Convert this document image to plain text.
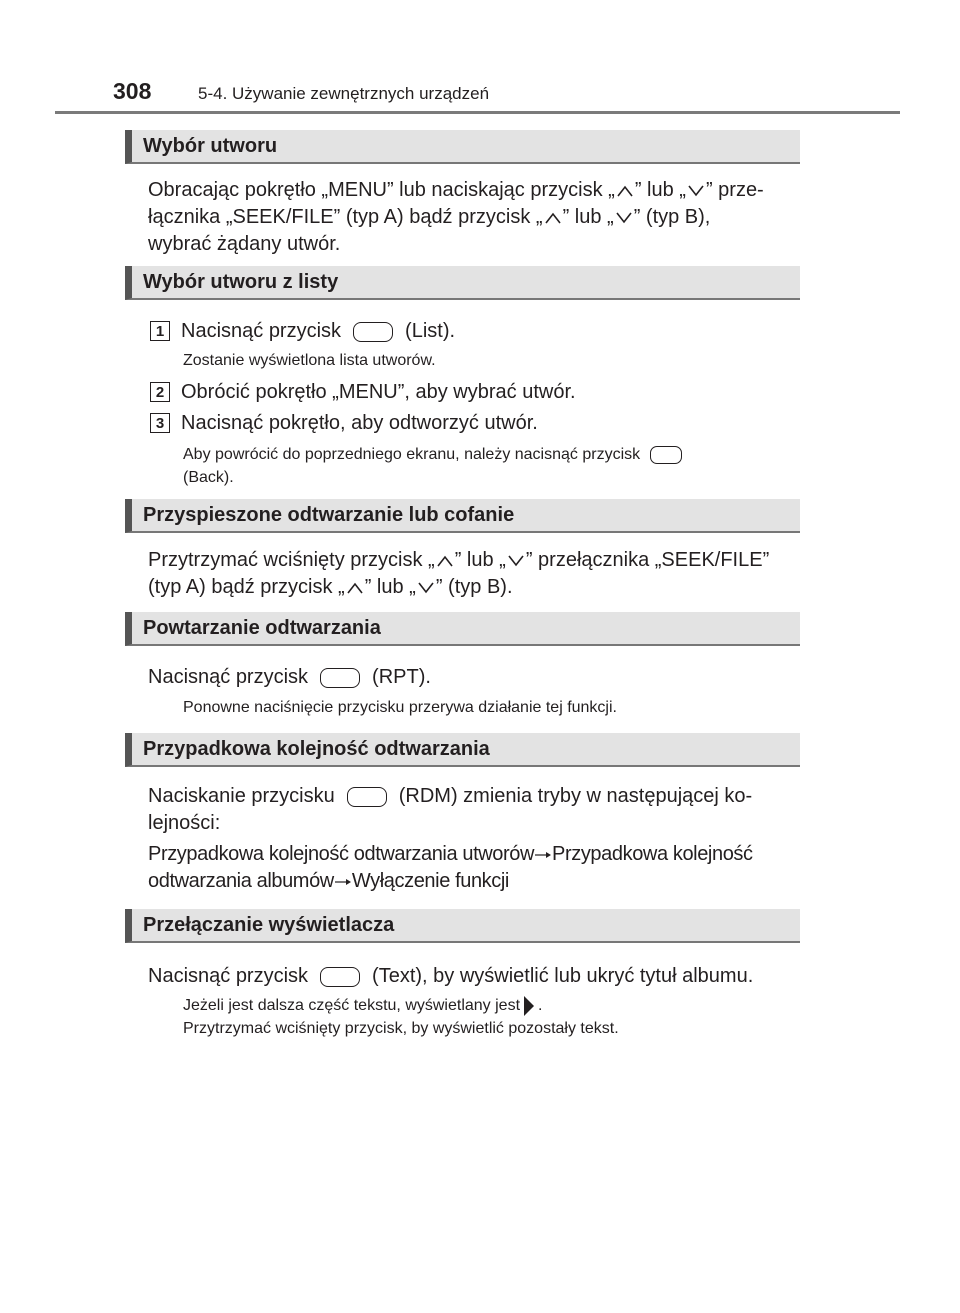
308	5-4. Używanie zewnętrznych urządzeń
Wybór utworu
Obracając pokrętło „MENU” lub naciskając przycisk „ ” lub „ ” prze-
łącznika „SEEK/FILE” (typ A) bądź przycisk „ ” lub „ ” (typ B),
wybrać żądany utwór.
Wybór utworu z listy
1 Nacisnąć przycisk	(List).
Zostanie wyświetlona lista utworów.
2 Obrócić pokrętło „MENU”, aby wybrać utwór.
3 Nacisnąć pokrętło, aby odtworzyć utwór.
Aby powrócić do poprzedniego ekranu, należy nacisnąć przycisk
(Back).
Przyspieszone odtwarzanie lub cofanie
Przytrzymać wciśnięty przycisk „ ” lub „ ” przełącznika „SEEK/FILE”
(typ A) bądź przycisk „ ” lub „ ” (typ B).
Powtarzanie odtwarzania
Nacisnąć przycisk	(RPT).
Ponowne naciśnięcie przycisku przerywa działanie tej funkcji.
Przypadkowa kolejność odtwarzania
Naciskanie przycisku	(RDM) zmienia tryby w następującej ko-
lejności:
Przypadkowa kolejność odtwarzania utworów Przypadkowa kolejność
odtwarzania albumów Wyłączenie funkcji
Przełączanie wyświetlacza
Nacisnąć przycisk	(Text), by wyświetlić lub ukryć tytuł albumu.
Jeżeli jest dalsza część tekstu, wyświetlany jest .
Przytrzymać wciśnięty przycisk, by wyświetlić pozostały tekst.
